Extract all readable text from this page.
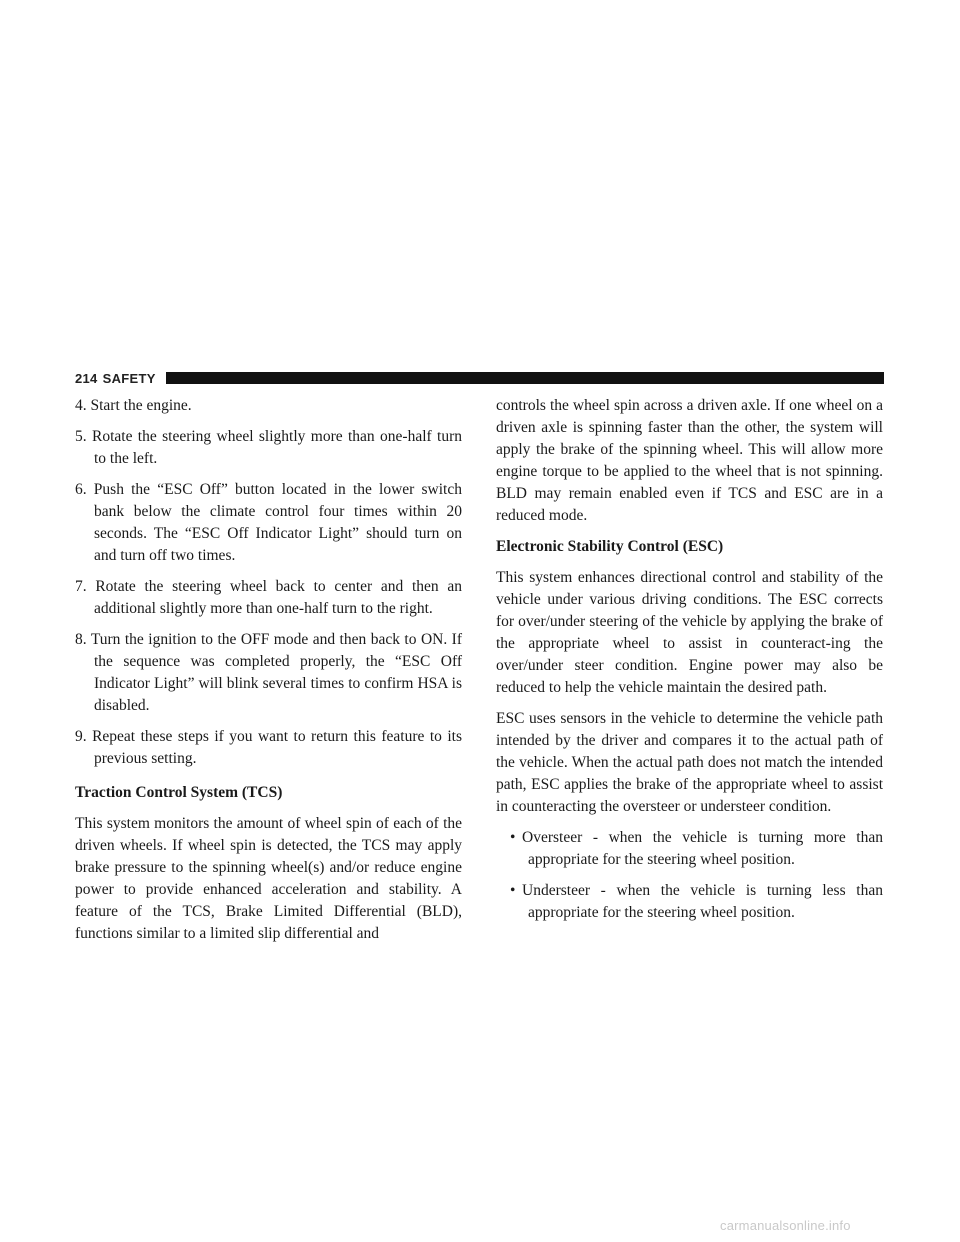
214 SAFETY

4. Start the engine.

5. Rotate the steering wheel slightly more than one-half turn to the left.

6. Push the “ESC Off” button located in the lower switch bank below the climate control four times within 20 seconds. The “ESC Off Indicator Light” should turn on and turn off two times.

7. Rotate the steering wheel back to center and then an additional slightly more than one-half turn to the right.

8. Turn the ignition to the OFF mode and then back to ON. If the sequence was completed properly, the “ESC Off Indicator Light” will blink several times to confirm HSA is disabled.

9. Repeat these steps if you want to return this feature to its previous setting.

Traction Control System (TCS)

This system monitors the amount of wheel spin of each of the driven wheels. If wheel spin is detected, the TCS may apply brake pressure to the spinning wheel(s) and/or reduce engine power to provide enhanced acceleration and stability. A feature of the TCS, Brake Limited Differential (BLD), functions similar to a limited slip differential and

controls the wheel spin across a driven axle. If one wheel on a driven axle is spinning faster than the other, the system will apply the brake of the spinning wheel. This will allow more engine torque to be applied to the wheel that is not spinning. BLD may remain enabled even if TCS and ESC are in a reduced mode.

Electronic Stability Control (ESC)

This system enhances directional control and stability of the vehicle under various driving conditions. The ESC corrects for over/under steering of the vehicle by applying the brake of the appropriate wheel to assist in counteract-ing the over/under steer condition. Engine power may also be reduced to help the vehicle maintain the desired path.

ESC uses sensors in the vehicle to determine the vehicle path intended by the driver and compares it to the actual path of the vehicle. When the actual path does not match the intended path, ESC applies the brake of the appropriate wheel to assist in counteracting the oversteer or understeer condition.

• Oversteer - when the vehicle is turning more than appropriate for the steering wheel position.

• Understeer - when the vehicle is turning less than appropriate for the steering wheel position.

carmanualsonline.info
